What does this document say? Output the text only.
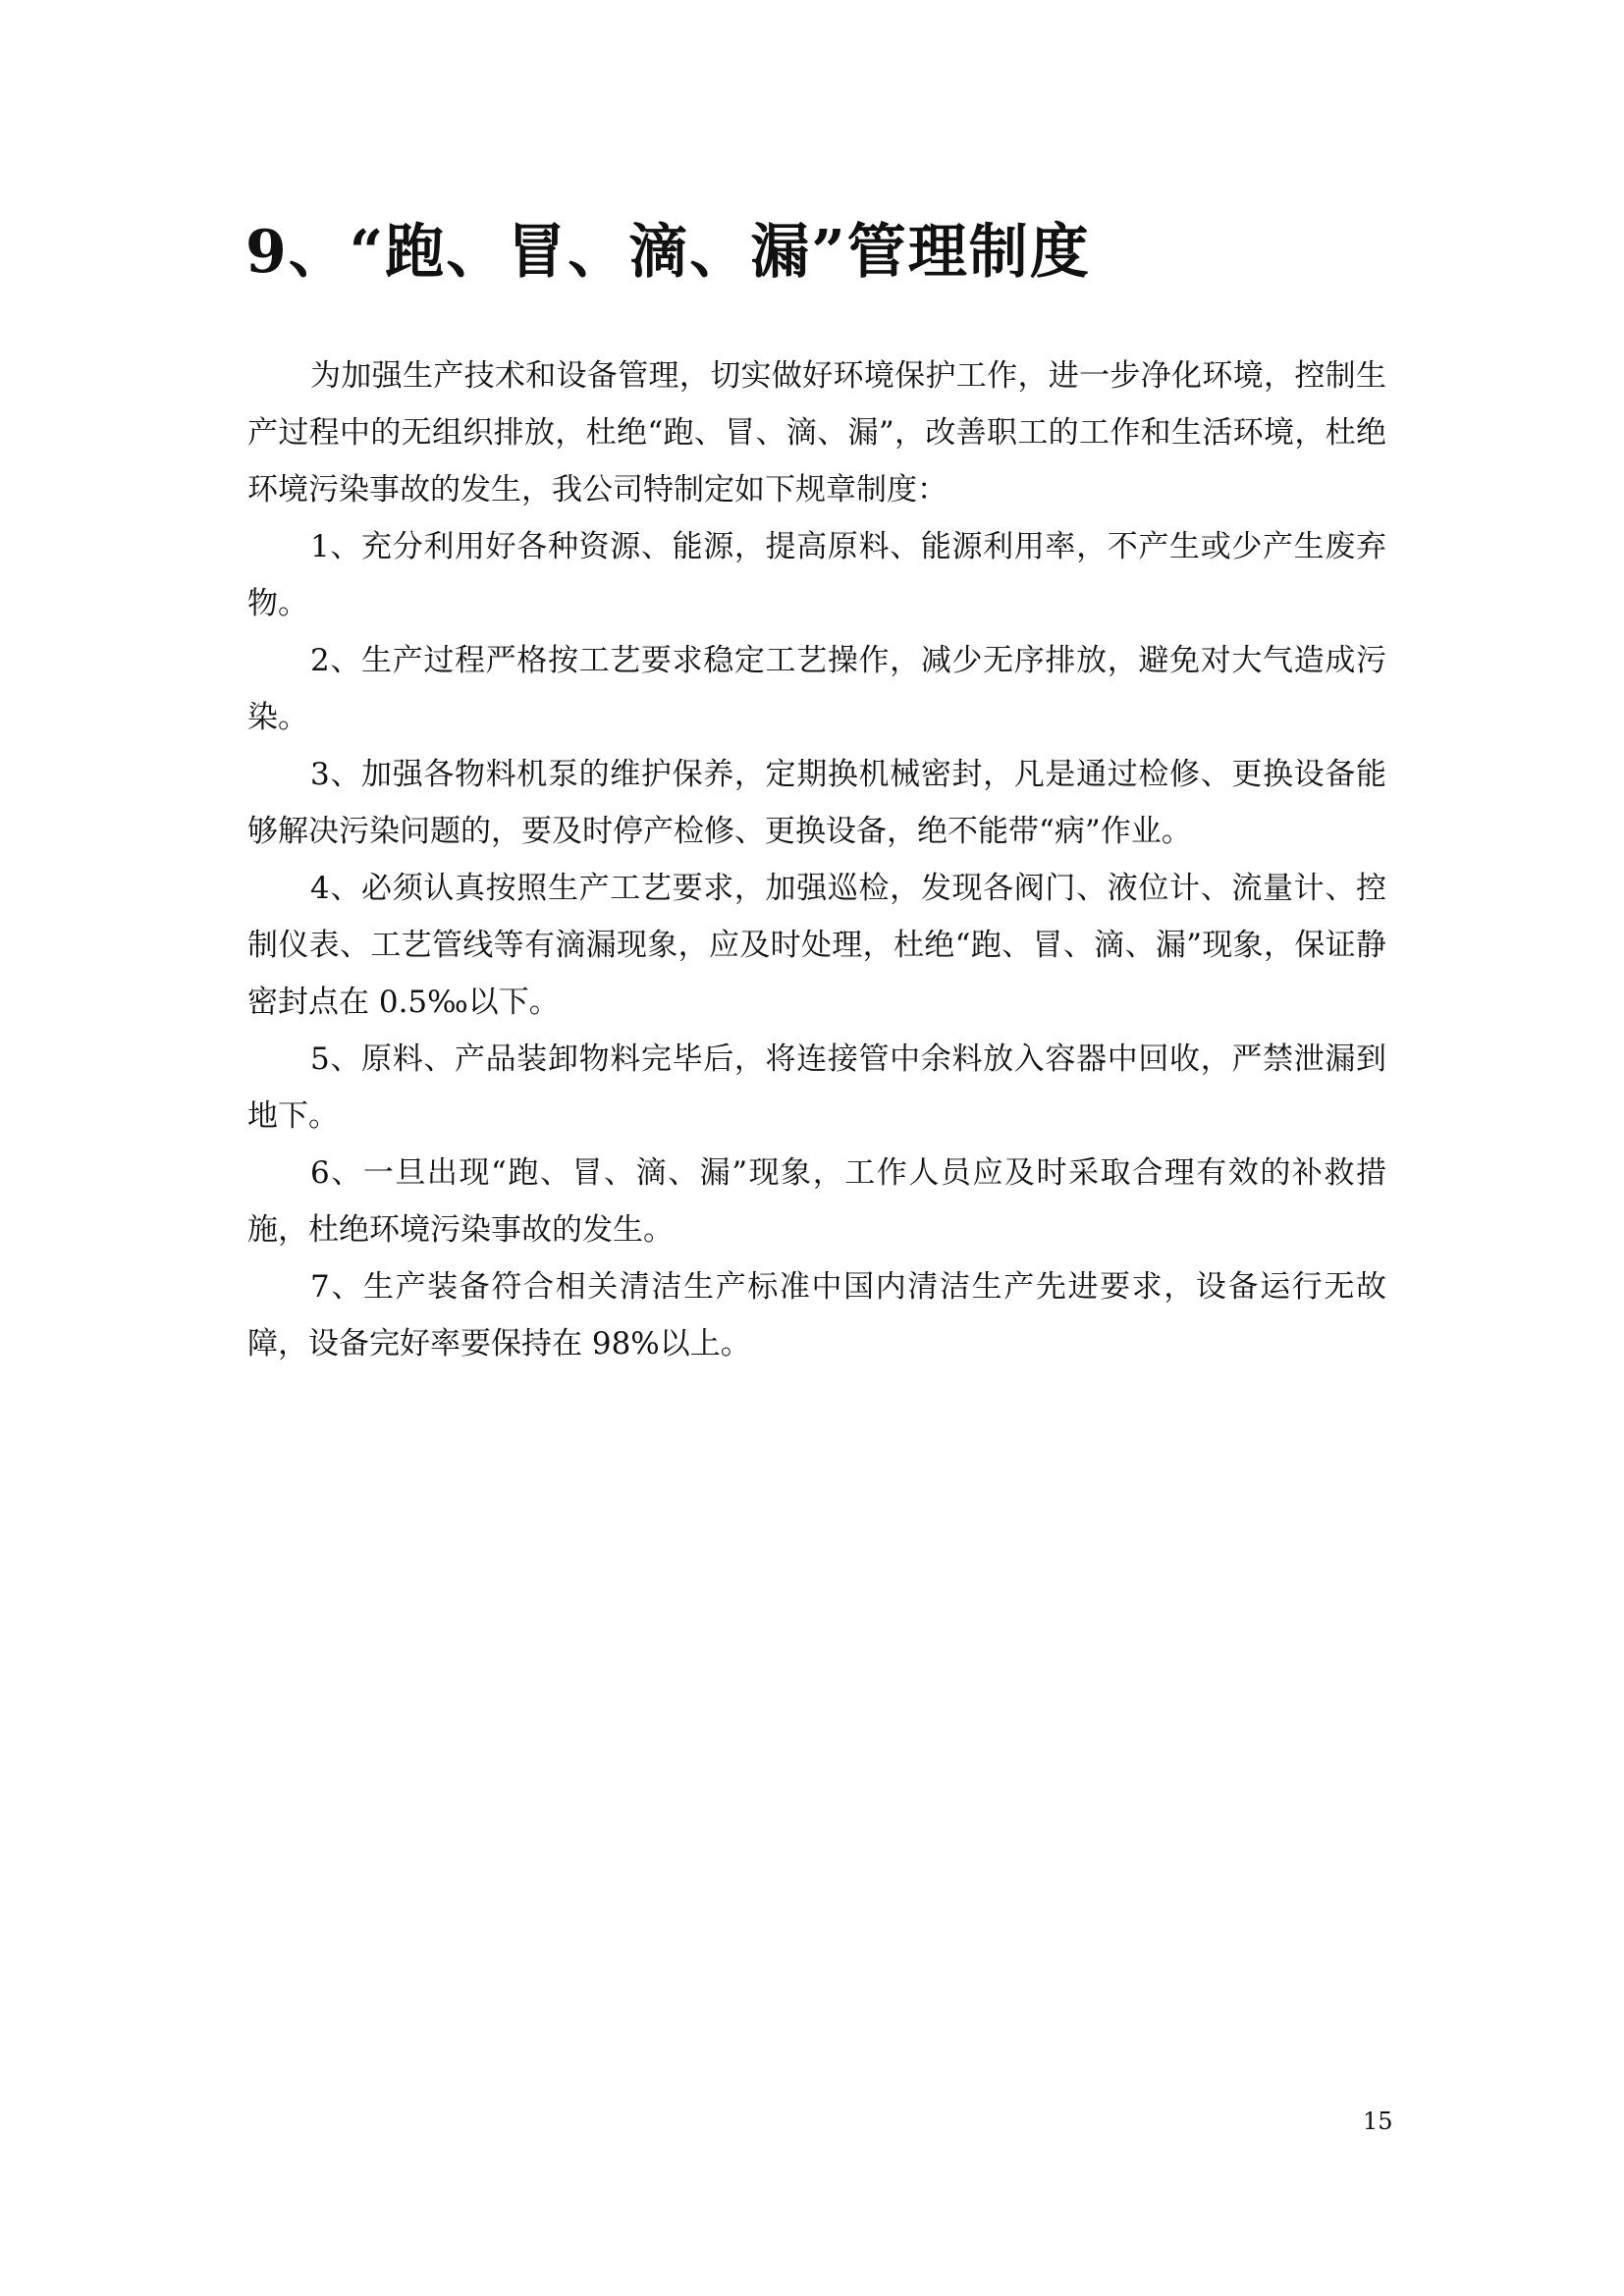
9、“跑、冒、滴、漏”管理制度

为加强生产技术和设备管理，切实做好环境保护工作，进一步净化环境，控制生产过程中的无组织排放，杜绝“跑、冒、滴、漏”，改善职工的工作和生活环境，杜绝环境污染事故的发生，我公司特制定如下规章制度：

1、充分利用好各种资源、能源，提高原料、能源利用率，不产生或少产生废弃物。

2、生产过程严格按工艺要求稳定工艺操作，减少无序排放，避免对大气造成污染。

3、加强各物料机泵的维护保养，定期换机械密封，凡是通过检修、更换设备能够解决污染问题的，要及时停产检修、更换设备，绝不能带“病”作业。

4、必须认真按照生产工艺要求，加强巡检，发现各阀门、液位计、流量计、控制仪表、工艺管线等有滴漏现象，应及时处理，杜绝“跑、冒、滴、漏”现象，保证静密封点在 0.5‰以下。

5、原料、产品装卸物料完毕后，将连接管中余料放入容器中回收，严禁泄漏到地下。

6、一旦出现“跑、冒、滴、漏”现象，工作人员应及时采取合理有效的补救措施，杜绝环境污染事故的发生。

7、生产装备符合相关清洁生产标准中国内清洁生产先进要求，设备运行无故障，设备完好率要保持在 98%以上。

15
